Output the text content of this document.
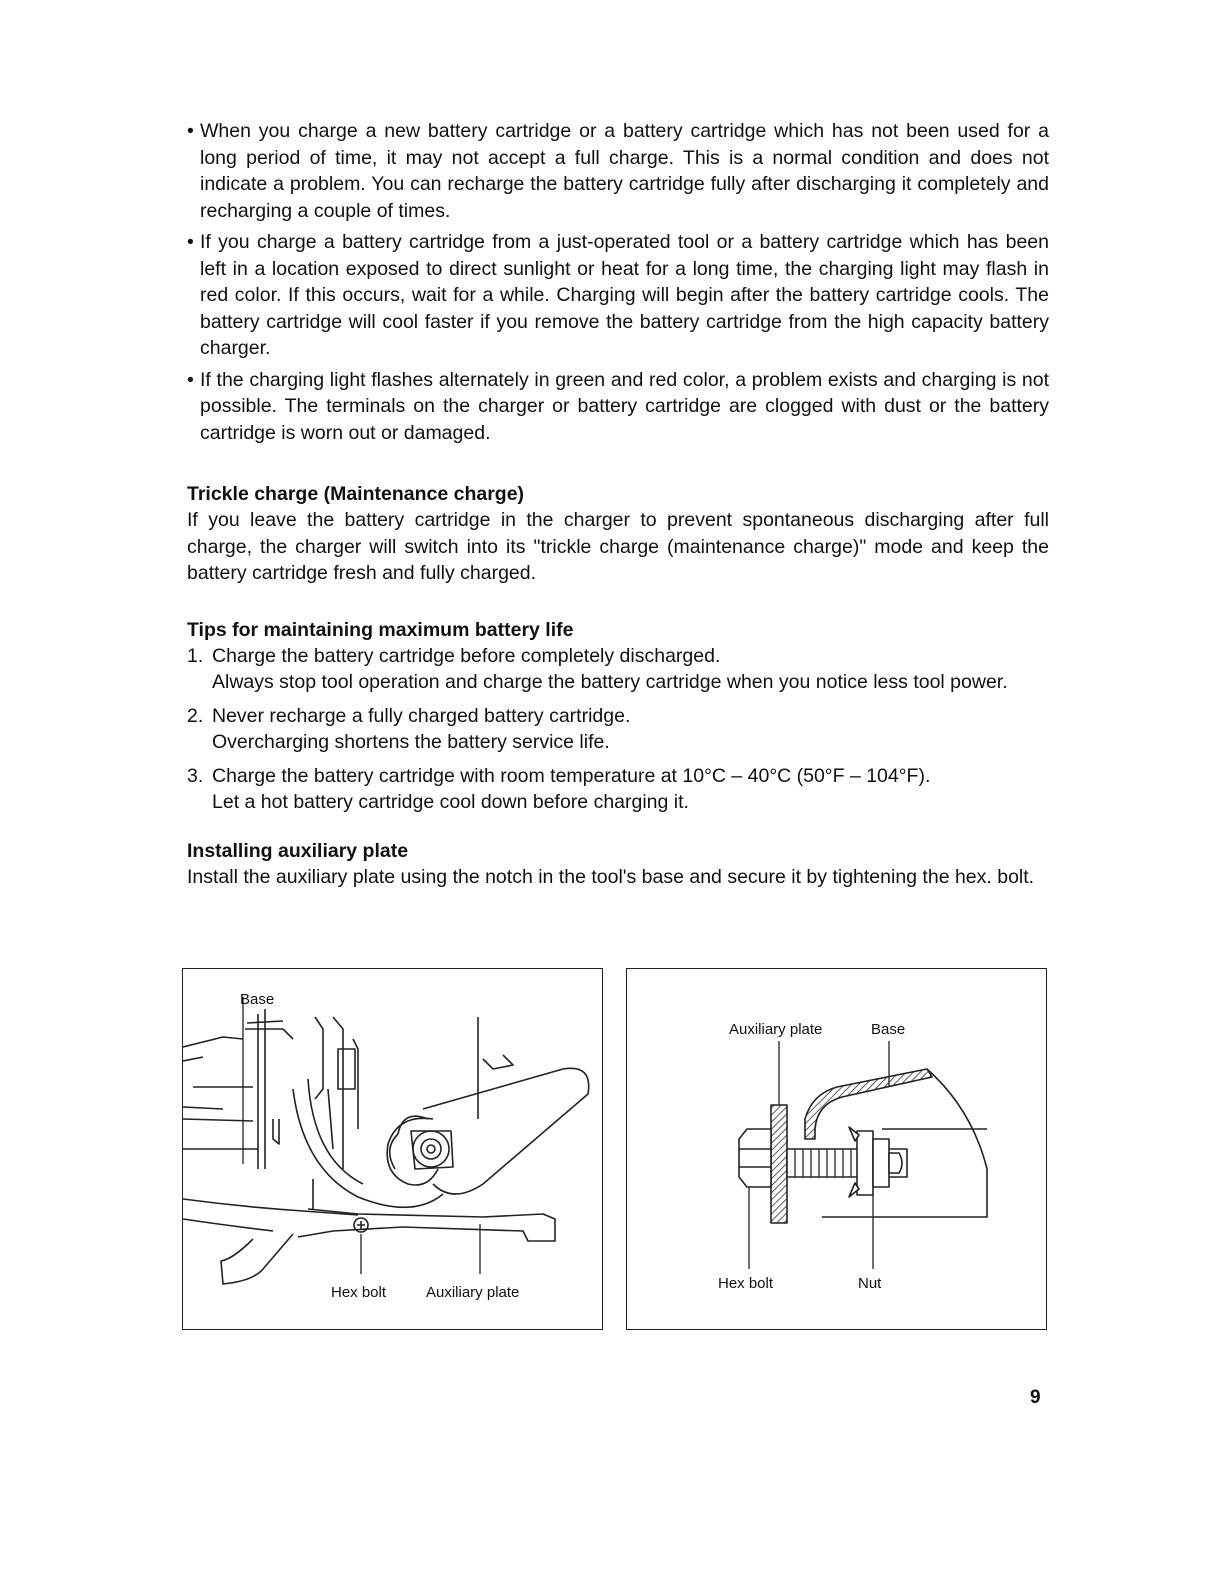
• When you charge a new battery cartridge or a battery cartridge which has not been used for a long period of time, it may not accept a full charge. This is a normal condition and does not indicate a problem. You can recharge the battery cartridge fully after discharging it completely and recharging a couple of times.
• If you charge a battery cartridge from a just-operated tool or a battery cartridge which has been left in a location exposed to direct sunlight or heat for a long time, the charging light may flash in red color. If this occurs, wait for a while. Charging will begin after the battery cartridge cools. The battery cartridge will cool faster if you remove the battery cartridge from the high capacity battery charger.
• If the charging light flashes alternately in green and red color, a problem exists and charging is not possible. The terminals on the charger or battery cartridge are clogged with dust or the battery cartridge is worn out or damaged.
Trickle charge (Maintenance charge)

If you leave the battery cartridge in the charger to prevent spontaneous discharging after full charge, the charger will switch into its "trickle charge (maintenance charge)" mode and keep the battery cartridge fresh and fully charged.

Tips for maintaining maximum battery life
1. Charge the battery cartridge before completely discharged.
Always stop tool operation and charge the battery cartridge when you notice less tool power.
2. Never recharge a fully charged battery cartridge.
Overcharging shortens the battery service life.
3. Charge the battery cartridge with room temperature at 10°C – 40°C (50°F – 104°F).
Let a hot battery cartridge cool down before charging it.
Installing auxiliary plate

Install the auxiliary plate using the notch in the tool's base and secure it by tightening the hex. bolt.

Base
Hex bolt	Auxiliary plate
Auxiliary plate	Base
Hex bolt	Nut
9
